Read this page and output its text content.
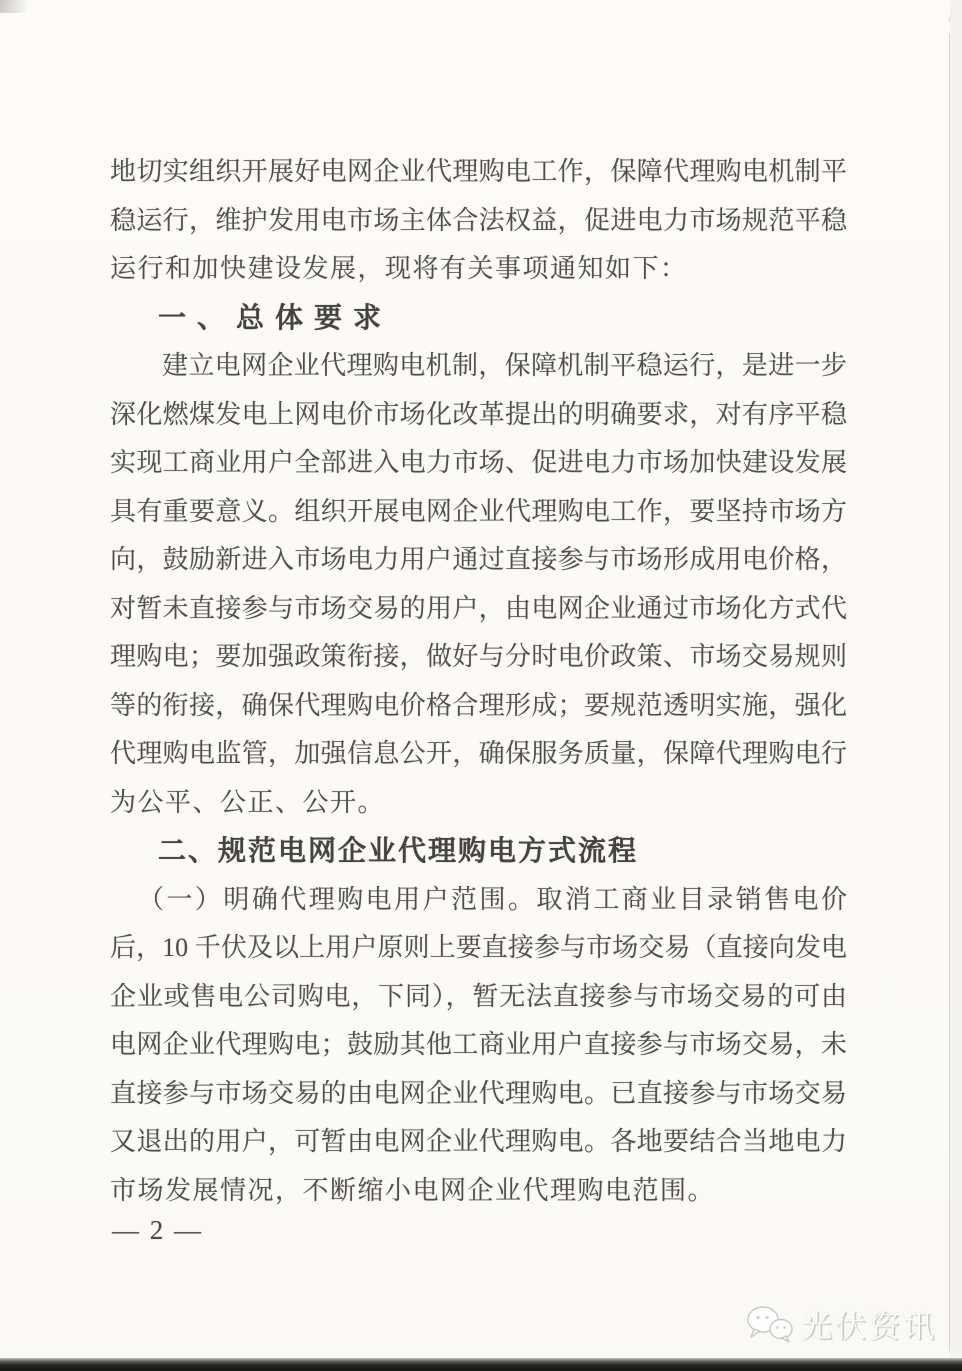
地切实组织开展好电网企业代理购电工作，保障代理购电机制平
稳运行，维护发用电市场主体合法权益，促进电力市场规范平稳
运行和加快建设发展，现将有关事项通知如下：
一、总体要求
建立电网企业代理购电机制，保障机制平稳运行，是进一步
深化燃煤发电上网电价市场化改革提出的明确要求，对有序平稳
实现工商业用户全部进入电力市场、促进电力市场加快建设发展
具有重要意义。组织开展电网企业代理购电工作，要坚持市场方
向，鼓励新进入市场电力用户通过直接参与市场形成用电价格，
对暂未直接参与市场交易的用户，由电网企业通过市场化方式代
理购电；要加强政策衔接，做好与分时电价政策、市场交易规则
等的衔接，确保代理购电价格合理形成；要规范透明实施，强化
代理购电监管，加强信息公开，确保服务质量，保障代理购电行
为公平、公正、公开。
二、规范电网企业代理购电方式流程
（一）明确代理购电用户范围。取消工商业目录销售电价
后，10 千伏及以上用户原则上要直接参与市场交易（直接向发电
企业或售电公司购电，下同），暂无法直接参与市场交易的可由
电网企业代理购电；鼓励其他工商业用户直接参与市场交易，未
直接参与市场交易的由电网企业代理购电。已直接参与市场交易
又退出的用户，可暂由电网企业代理购电。各地要结合当地电力
市场发展情况，不断缩小电网企业代理购电范围。
— 2 —
光伏资讯
